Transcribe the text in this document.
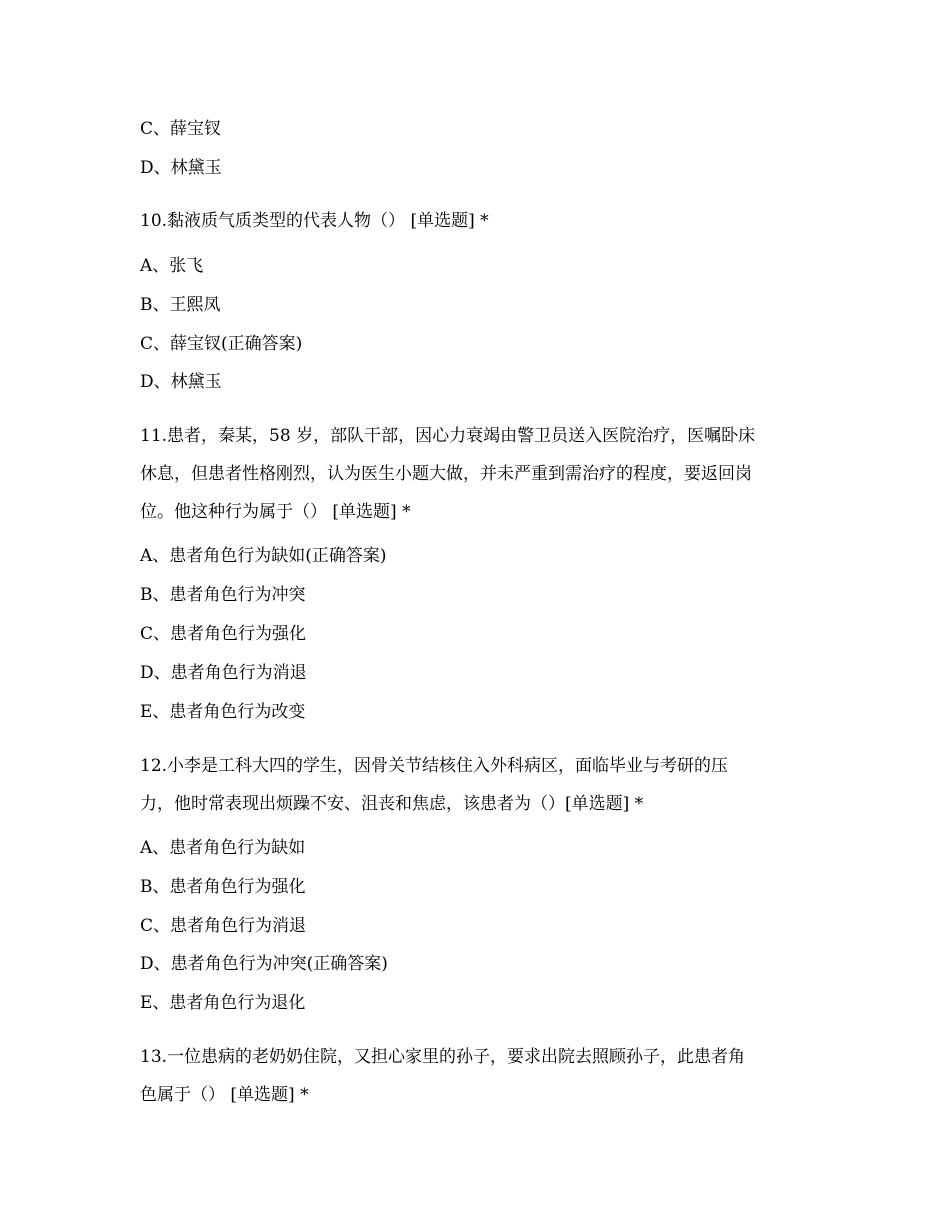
C、薛宝钗
D、林黛玉
10.黏液质气质类型的代表人物（） [单选题] *
A、张飞
B、王熙凤
C、薛宝钗(正确答案)
D、林黛玉
11.患者，秦某，58 岁，部队干部，因心力衰竭由警卫员送入医院治疗，医嘱卧床
休息，但患者性格刚烈，认为医生小题大做，并未严重到需治疗的程度，要返回岗
位。他这种行为属于（） [单选题] *
A、患者角色行为缺如(正确答案)
B、患者角色行为冲突
C、患者角色行为强化
D、患者角色行为消退
E、患者角色行为改变
12.小李是工科大四的学生，因骨关节结核住入外科病区，面临毕业与考研的压
力，他时常表现出烦躁不安、沮丧和焦虑，该患者为（）[单选题] *
A、患者角色行为缺如
B、患者角色行为强化
C、患者角色行为消退
D、患者角色行为冲突(正确答案)
E、患者角色行为退化
13.一位患病的老奶奶住院，又担心家里的孙子，要求出院去照顾孙子，此患者角
色属于（） [单选题] *
